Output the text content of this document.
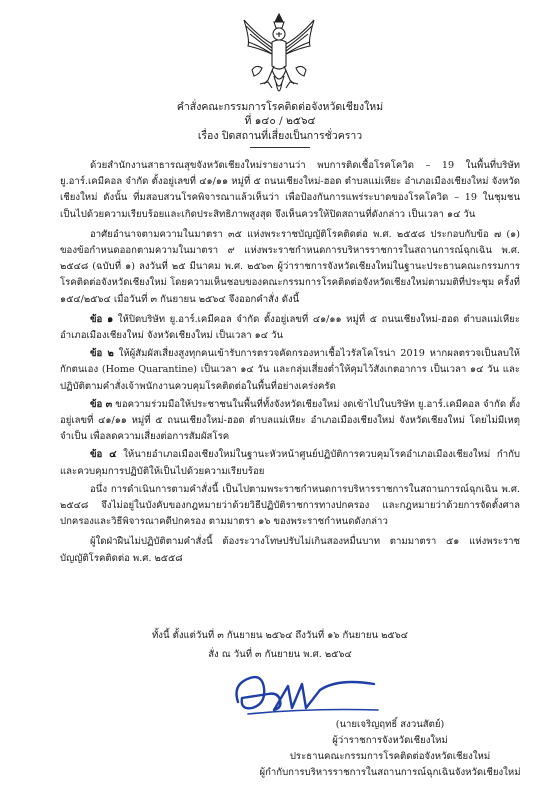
คำสั่งคณะกรรมการโรคติดต่อจังหวัดเชียงใหม่
ที่ ๑๔๐ / ๒๕๖๔
เรื่อง ปิดสถานที่เสี่ยงเป็นการชั่วคราว

ด้วยสำนักงานสาธารณสุขจังหวัดเชียงใหม่รายงานว่า พบการติดเชื้อโรคโควิด – 19 ในพื้นที่บริษัท ยู.อาร์.เคมีคอล จำกัด ตั้งอยู่เลขที่ ๔๑/๑๑ หมู่ที่ ๕ ถนนเชียงใหม่-ฮอด ตำบลแม่เหียะ อำเภอเมืองเชียงใหม่ จังหวัดเชียงใหม่ ดังนั้น ที่มสอบสวนโรคพิจารณาแล้วเห็นว่า เพื่อป้องกันการแพร่ระบาดของโรคโควิด – 19 ในชุมชน เป็นไปด้วยความเรียบร้อยและเกิดประสิทธิภาพสูงสุด จึงเห็นควรให้ปิดสถานที่ดังกล่าว เป็นเวลา ๑๔ วัน

อาศัยอำนาจตามความในมาตรา ๓๕ แห่งพระราชบัญญัติโรคติดต่อ พ.ศ. ๒๕๕๘ ประกอบกับข้อ ๗ (๑) ของข้อกำหนดออกตามความในมาตรา ๙ แห่งพระราชกำหนดการบริหารราชการในสถานการณ์ฉุกเฉิน พ.ศ. ๒๕๔๘ (ฉบับที่ ๑) ลงวันที่ ๒๕ มีนาคม พ.ศ. ๒๕๖๓ ผู้ว่าราชการจังหวัดเชียงใหม่ในฐานะประธานคณะกรรมการโรคติดต่อจังหวัดเชียงใหม่ โดยความเห็นชอบของคณะกรรมการโรคติดต่อจังหวัดเชียงใหม่ตามมติที่ประชุม ครั้งที่ ๑๕๔/๒๕๖๔ เมื่อวันที่ ๓ กันยายน ๒๕๖๔ จึงออกคำสั่ง ดังนี้

ข้อ ๑ ให้ปิดบริษัท ยู.อาร์.เคมีคอล จำกัด ตั้งอยู่เลขที่ ๔๑/๑๑ หมู่ที่ ๕ ถนนเชียงใหม่-ฮอด ตำบลแม่เหียะ อำเภอเมืองเชียงใหม่ จังหวัดเชียงใหม่ เป็นเวลา ๑๔ วัน

ข้อ ๒ ให้ผู้สัมผัสเสี่ยงสูงทุกคนเข้ารับการตรวจคัดกรองหาเชื้อไวรัสโคโรน่า 2019 หากผลตรวจเป็นลบให้กักตนเอง (Home Quarantine) เป็นเวลา ๑๔ วัน และกลุ่มเสี่ยงต่ำให้คุมไว้สังเกตอาการ เป็นเวลา ๑๔ วัน และปฏิบัติตามคำสั่งเจ้าพนักงานควบคุมโรคติดต่อในพื้นที่อย่างเคร่งครัด

ข้อ ๓ ขอความร่วมมือให้ประชาชนในพื้นที่ทั้งจังหวัดเชียงใหม่ งดเข้าไปในบริษัท ยู.อาร์.เคมีคอล จำกัด ตั้งอยู่เลขที่ ๔๑/๑๑ หมู่ที่ ๕ ถนนเชียงใหม่-ฮอด ตำบลแม่เหียะ อำเภอเมืองเชียงใหม่ จังหวัดเชียงใหม่ โดยไม่มีเหตุจำเป็น เพื่อลดความเสี่ยงต่อการสัมผัสโรค

ข้อ ๔ ให้นายอำเภอเมืองเชียงใหม่ในฐานะหัวหน้าศูนย์ปฏิบัติการควบคุมโรคอำเภอเมืองเชียงใหม่ กำกับ และควบคุมการปฏิบัติให้เป็นไปด้วยความเรียบร้อย

อนึ่ง การดำเนินการตามคำสั่งนี้ เป็นไปตามพระราชกำหนดการบริหารราชการในสถานการณ์ฉุกเฉิน พ.ศ. ๒๕๔๘ จึงไม่อยู่ในบังคับของกฎหมายว่าด้วยวิธีปฏิบัติราชการทางปกครอง และกฎหมายว่าด้วยการจัดตั้งศาลปกครองและวิธีพิจารณาคดีปกครอง ตามมาตรา ๑๖ ของพระราชกำหนดดังกล่าว

ผู้ใดฝ่าฝืนไม่ปฏิบัติตามคำสั่งนี้ ต้องระวางโทษปรับไม่เกินสองหมื่นบาท ตามมาตรา ๕๑ แห่งพระราชบัญญัติโรคติดต่อ พ.ศ. ๒๕๕๘

ทั้งนี้ ตั้งแต่วันที่ ๓ กันยายน ๒๕๖๔ ถึงวันที่ ๑๖ กันยายน ๒๕๖๔
สั่ง ณ วันที่ ๓ กันยายน พ.ศ. ๒๕๖๔
(นายเจริญฤทธิ์ สงวนสัตย์)
ผู้ว่าราชการจังหวัดเชียงใหม่
ประธานคณะกรรมการโรคติดต่อจังหวัดเชียงใหม่
ผู้กำกับการบริหารราชการในสถานการณ์ฉุกเฉินจังหวัดเชียงใหม่
